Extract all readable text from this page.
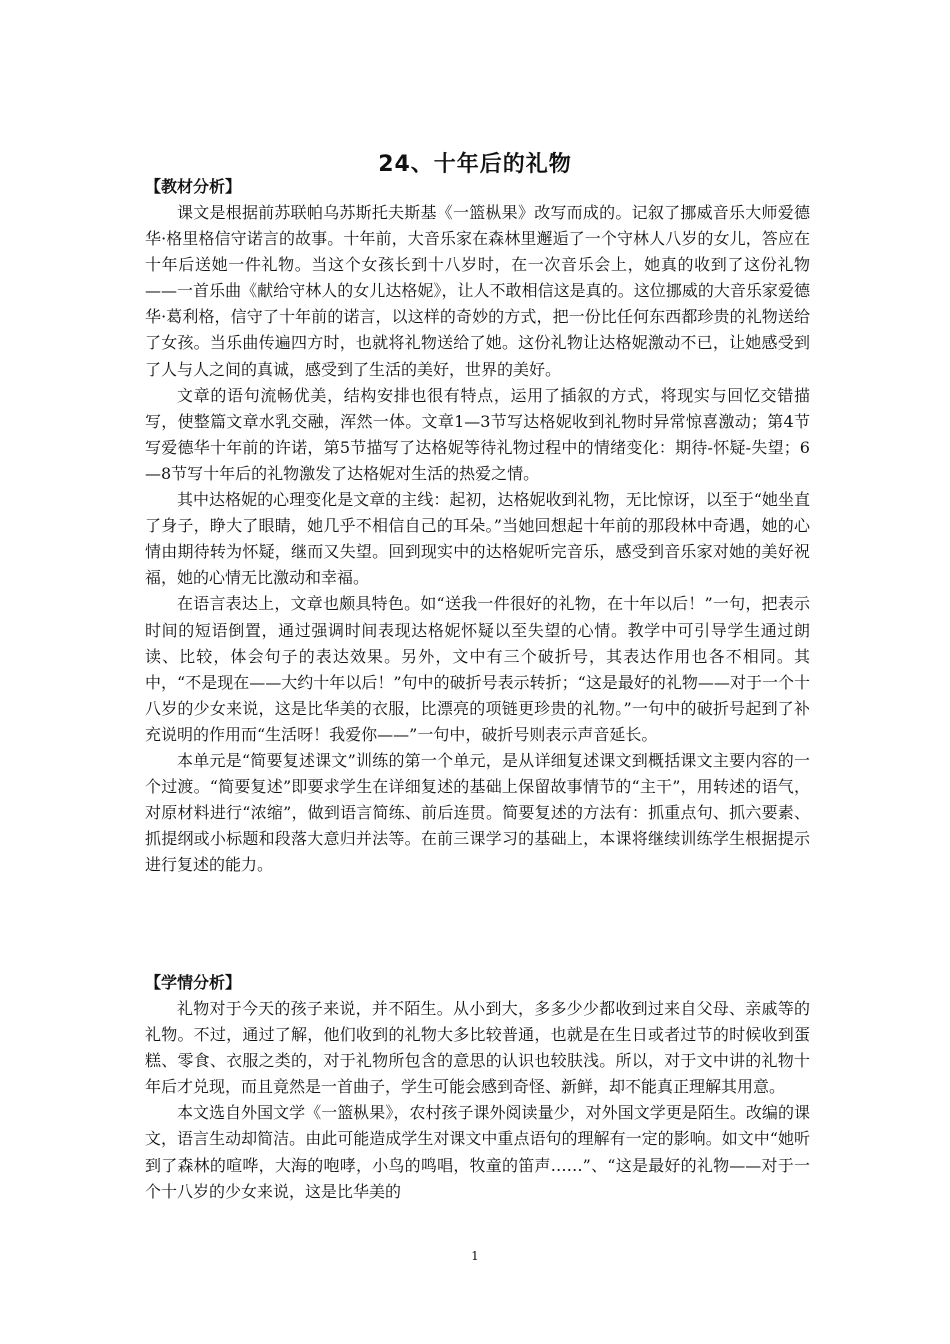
24、十年后的礼物

【教材分析】

课文是根据前苏联帕乌苏斯托夫斯基《一篮枞果》改写而成的。记叙了挪威音乐大师爱德华·格里格信守诺言的故事。十年前，大音乐家在森林里邂逅了一个守林人八岁的女儿，答应在十年后送她一件礼物。当这个女孩长到十八岁时，在一次音乐会上，她真的收到了这份礼物——一首乐曲《献给守林人的女儿达格妮》，让人不敢相信这是真的。这位挪威的大音乐家爱德华·葛利格，信守了十年前的诺言，以这样的奇妙的方式，把一份比任何东西都珍贵的礼物送给了女孩。当乐曲传遍四方时，也就将礼物送给了她。这份礼物让达格妮激动不已，让她感受到了人与人之间的真诚，感受到了生活的美好，世界的美好。

文章的语句流畅优美，结构安排也很有特点，运用了插叙的方式，将现实与回忆交错描写，使整篇文章水乳交融，浑然一体。文章1—3节写达格妮收到礼物时异常惊喜激动；第4节写爱德华十年前的许诺，第5节描写了达格妮等待礼物过程中的情绪变化：期待-怀疑-失望；6—8节写十年后的礼物激发了达格妮对生活的热爱之情。

其中达格妮的心理变化是文章的主线：起初，达格妮收到礼物，无比惊讶，以至于“她坐直了身子，睁大了眼睛，她几乎不相信自己的耳朵。”当她回想起十年前的那段林中奇遇，她的心情由期待转为怀疑，继而又失望。回到现实中的达格妮听完音乐，感受到音乐家对她的美好祝福，她的心情无比激动和幸福。

在语言表达上，文章也颇具特色。如“送我一件很好的礼物，在十年以后！”一句，把表示时间的短语倒置，通过强调时间表现达格妮怀疑以至失望的心情。教学中可引导学生通过朗读、比较，体会句子的表达效果。另外，文中有三个破折号，其表达作用也各不相同。其中，“不是现在——大约十年以后！”句中的破折号表示转折；“这是最好的礼物——对于一个十八岁的少女来说，这是比华美的衣服，比漂亮的项链更珍贵的礼物。”一句中的破折号起到了补充说明的作用而“生活呀！我爱你——”一句中，破折号则表示声音延长。

本单元是“简要复述课文”训练的第一个单元，是从详细复述课文到概括课文主要内容的一个过渡。“简要复述”即要求学生在详细复述的基础上保留故事情节的“主干”，用转述的语气，对原材料进行“浓缩”，做到语言简练、前后连贯。简要复述的方法有：抓重点句、抓六要素、抓提纲或小标题和段落大意归并法等。在前三课学习的基础上，本课将继续训练学生根据提示进行复述的能力。

【学情分析】

礼物对于今天的孩子来说，并不陌生。从小到大，多多少少都收到过来自父母、亲戚等的礼物。不过，通过了解，他们收到的礼物大多比较普通，也就是在生日或者过节的时候收到蛋糕、零食、衣服之类的，对于礼物所包含的意思的认识也较肤浅。所以，对于文中讲的礼物十年后才兑现，而且竟然是一首曲子，学生可能会感到奇怪、新鲜，却不能真正理解其用意。

本文选自外国文学《一篮枞果》，农村孩子课外阅读量少，对外国文学更是陌生。改编的课文，语言生动却简洁。由此可能造成学生对课文中重点语句的理解有一定的影响。如文中“她听到了森林的喧哗，大海的咆哮，小鸟的鸣唱，牧童的笛声……”、“这是最好的礼物——对于一个十八岁的少女来说，这是比华美的

1
